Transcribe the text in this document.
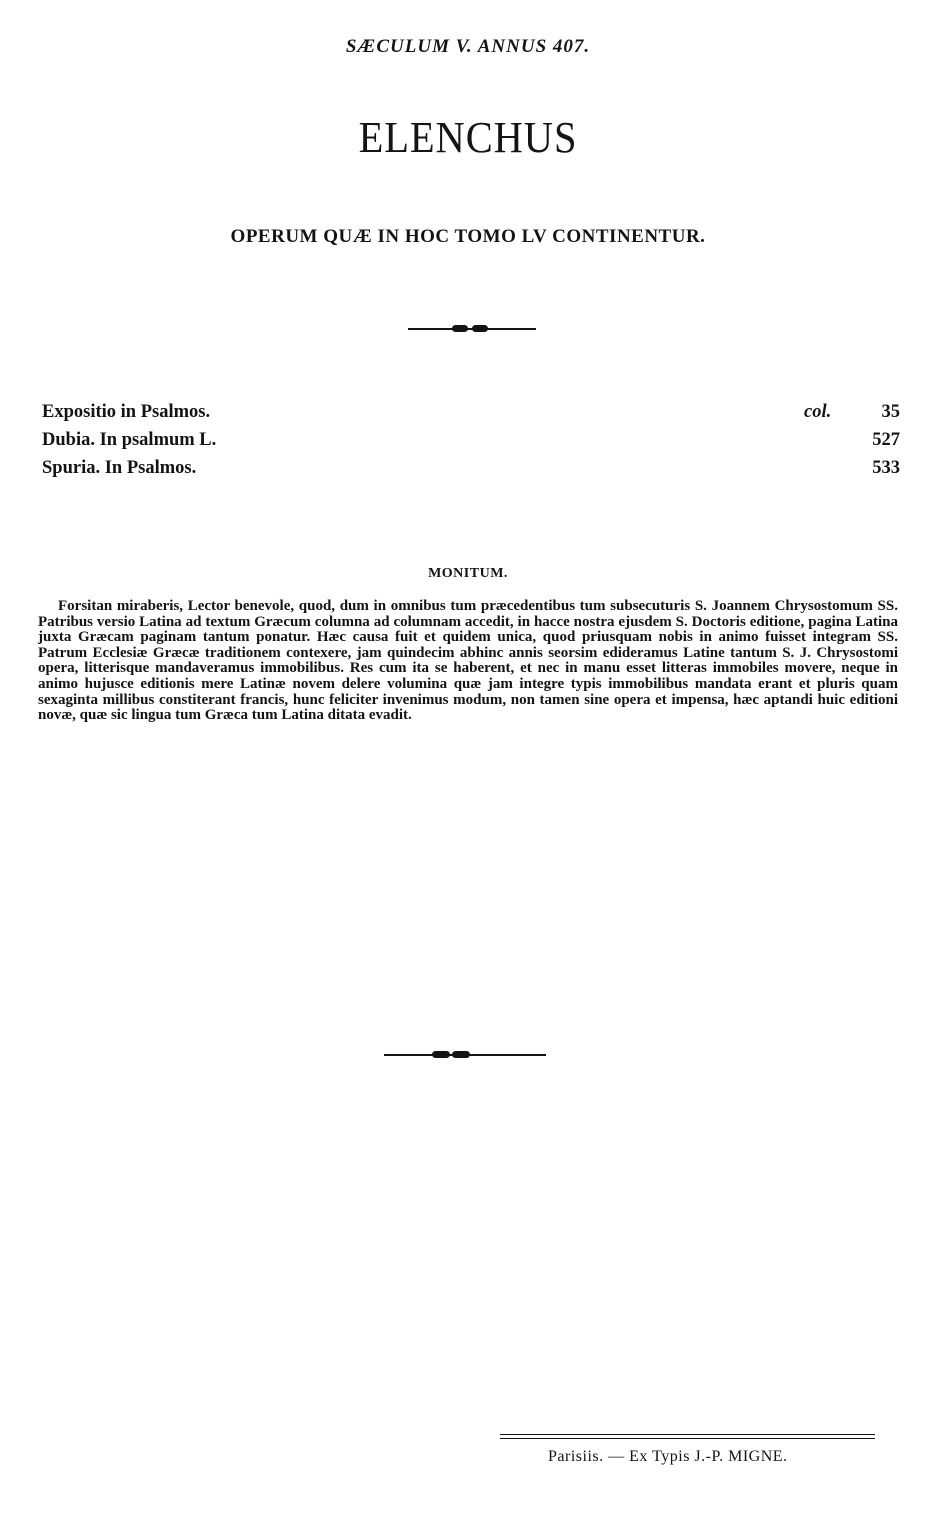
SÆCULUM V. ANNUS 407.
ELENCHUS
OPERUM QUÆ IN HOC TOMO LV CONTINENTUR.
Expositio in Psalmos.	col.	35
Dubia. In psalmum L.	527
Spuria. In Psalmos.	533
MONITUM.
Forsitan miraberis, Lector benevole, quod, dum in omnibus tum præcedentibus tum subsecuturis S. Joannem Chrysostomum SS. Patribus versio Latina ad textum Græcum columna ad columnam accedit, in hacce nostra ejusdem S. Doctoris editione, pagina Latina juxta Græcam paginam tantum ponatur. Hæc causa fuit et quidem unica, quod priusquam nobis in animo fuisset integram SS. Patrum Ecclesiæ Græcæ traditionem contexere, jam quindecim abhinc annis seorsim edideramus Latine tantum S. J. Chrysostomi opera, litterisque mandaveramus immobilibus. Res cum ita se haberent, et nec in manu esset litteras immobiles movere, neque in animo hujusce editionis mere Latinæ novem delere volumina quæ jam integre typis immobilibus mandata erant et pluris quam sexaginta millibus constiterant francis, hunc feliciter invenimus modum, non tamen sine opera et impensa, hæc aptandi huic editioni novæ, quæ sic lingua tum Græca tum Latina ditata evadit.
Parisiis. — Ex Typis J.-P. MIGNE.
